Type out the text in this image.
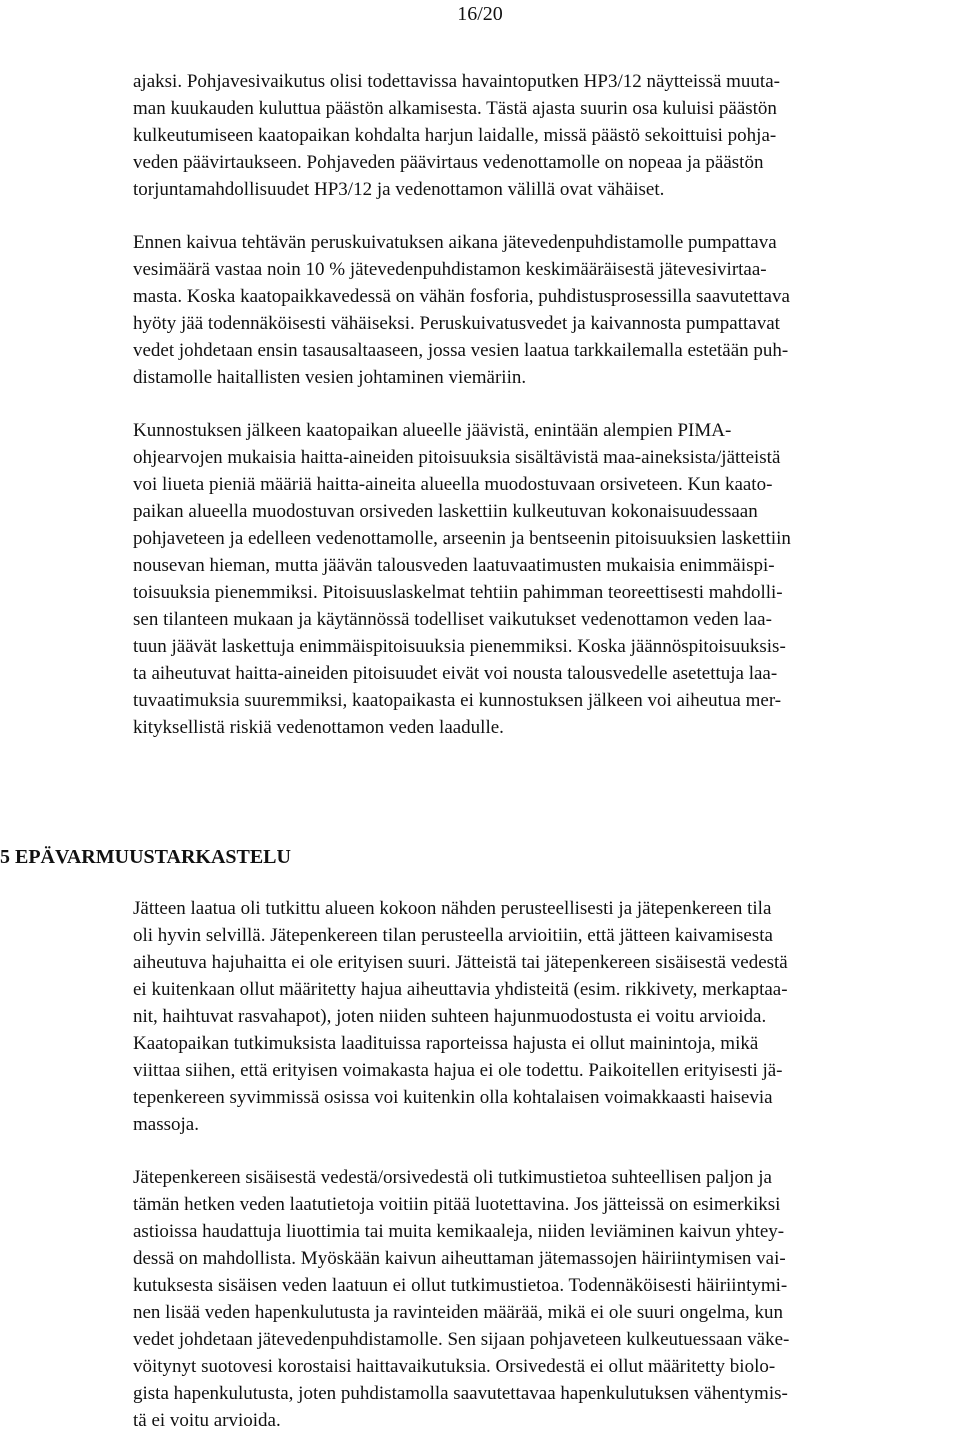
16/20

ajaksi. Pohjavesivaikutus olisi todettavissa havaintoputken HP3/12 näytteissä muuta-
man kuukauden kuluttua päästön alkamisesta. Tästä ajasta suurin osa kuluisi päästön
kulkeutumiseen kaatopaikan kohdalta harjun laidalle, missä päästö sekoittuisi pohja-
veden päävirtaukseen. Pohjaveden päävirtaus vedenottamolle on nopeaa ja päästön
torjuntamahdollisuudet HP3/12 ja vedenottamon välillä ovat vähäiset.

Ennen kaivua tehtävän peruskuivatuksen aikana jätevedenpuhdistamolle pumpattava
vesimäärä vastaa noin 10 % jätevedenpuhdistamon keskimääräisestä jätevesivirtaa-
masta. Koska kaatopaikkavedessä on vähän fosforia, puhdistusprosessilla saavutettava
hyöty jää todennäköisesti vähäiseksi. Peruskuivatusvedet ja kaivannosta pumpattavat
vedet johdetaan ensin tasausaltaaseen, jossa vesien laatua tarkkailemalla estetään puh-
distamolle haitallisten vesien johtaminen viemäriin.

Kunnostuksen jälkeen kaatopaikan alueelle jäävistä, enintään alempien PIMA-
ohjearvojen mukaisia haitta-aineiden pitoisuuksia sisältävistä maa-aineksista/jätteistä
voi liueta pieniä määriä haitta-aineita alueella muodostuvaan orsiveteen. Kun kaato-
paikan alueella muodostuvan orsiveden laskettiin kulkeutuvan kokonaisuudessaan
pohjaveteen ja edelleen vedenottamolle, arseenin ja bentseenin pitoisuuksien laskettiin
nousevan hieman, mutta jäävän talousveden laatuvaatimusten mukaisia enimmäispi-
toisuuksia pienemmiksi. Pitoisuuslaskelmat tehtiin pahimman teoreettisesti mahdolli-
sen tilanteen mukaan ja käytännössä todelliset vaikutukset vedenottamon veden laa-
tuun jäävät laskettuja enimmäispitoisuuksia pienemmiksi. Koska jäännöspitoisuuksis-
ta aiheutuvat haitta-aineiden pitoisuudet eivät voi nousta talousvedelle asetettuja laa-
tuvaatimuksia suuremmiksi, kaatopaikasta ei kunnostuksen jälkeen voi aiheutua mer-
kityksellistä riskiä vedenottamon veden laadulle.

5 EPÄVARMUUSTARKASTELU

Jätteen laatua oli tutkittu alueen kokoon nähden perusteellisesti ja jätepenkereen tila
oli hyvin selvillä. Jätepenkereen tilan perusteella arvioitiin, että jätteen kaivamisesta
aiheutuva hajuhaitta ei ole erityisen suuri. Jätteistä tai jätepenkereen sisäisestä vedestä
ei kuitenkaan ollut määritetty hajua aiheuttavia yhdisteitä (esim. rikkivety, merkaptaa-
nit, haihtuvat rasvahapot), joten niiden suhteen hajunmuodostusta ei voitu arvioida.
Kaatopaikan tutkimuksista laadituissa raporteissa hajusta ei ollut mainintoja, mikä
viittaa siihen, että erityisen voimakasta hajua ei ole todettu. Paikoitellen erityisesti jä-
tepenkereen syvimmissä osissa voi kuitenkin olla kohtalaisen voimakkaasti haisevia
massoja.

Jätepenkereen sisäisestä vedestä/orsivedestä oli tutkimustietoa suhteellisen paljon ja
tämän hetken veden laatutietoja voitiin pitää luotettavina. Jos jätteissä on esimerkiksi
astioissa haudattuja liuottimia tai muita kemikaaleja, niiden leviäminen kaivun yhtey-
dessä on mahdollista. Myöskään kaivun aiheuttaman jätemassojen häiriintymisen vai-
kutuksesta sisäisen veden laatuun ei ollut tutkimustietoa. Todennäköisesti häiriintymi-
nen lisää veden hapenkulutusta ja ravinteiden määrää, mikä ei ole suuri ongelma, kun
vedet johdetaan jätevedenpuhdistamolle. Sen sijaan pohjaveteen kulkeutuessaan väke-
vöitynyt suotovesi korostaisi haittavaikutuksia. Orsivedestä ei ollut määritetty biolo-
gista hapenkulutusta, joten puhdistamolla saavutettavaa hapenkulutuksen vähentymis-
tä ei voitu arvioida.
